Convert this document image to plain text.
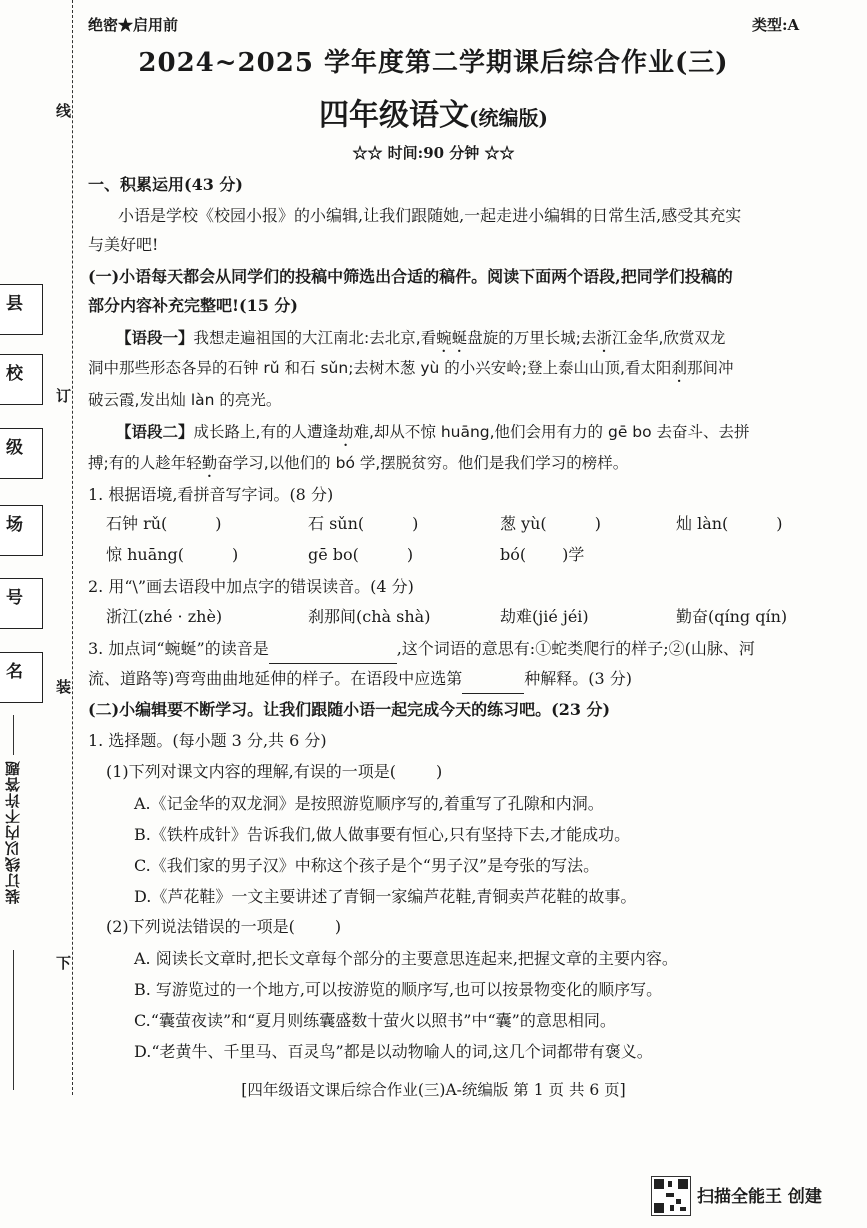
线
订
装
下
县
校
级
场
号
名
装订线以内不许答题
绝密★启用前	类型:A
2024~2025 学年度第二学期课后综合作业(三)
四年级语文(统编版)
☆☆ 时间:90 分钟 ☆☆
一、积累运用(43 分)
小语是学校《校园小报》的小编辑,让我们跟随她,一起走进小编辑的日常生活,感受其充实
与美好吧!
(一)小语每天都会从同学们的投稿中筛选出合适的稿件。阅读下面两个语段,把同学们投稿的
部分内容补充完整吧!(15 分)
【语段一】我想走遍祖国的大江南北:去北京,看蜿蜒盘旋的万里长城;去浙江金华,欣赏双龙
洞中那些形态各异的石钟 rǔ 和石 sǔn;去树木葱 yù 的小兴安岭;登上泰山山顶,看太阳刹那间冲
破云霞,发出灿 làn 的亮光。
【语段二】成长路上,有的人遭逢劫难,却从不惊 huāng,他们会用有力的 gē bo 去奋斗、去拼
搏;有的人趁年轻勤奋学习,以他们的 bó 学,摆脱贫穷。他们是我们学习的榜样。
1. 根据语境,看拼音写字词。(8 分)
石钟 rǔ(	)	石 sǔn(	)	葱 yù(	)	灿 làn(	)
惊 huāng(	)	gē bo(	)	bó( )学
2. 用“\”画去语段中加点字的错误读音。(4 分)
浙江(zhé · zhè)	刹那间(chà shà)	劫难(jié jéi)	勤奋(qíng qín)
3. 加点词“蜿蜒”的读音是	,这个词语的意思有:①蛇类爬行的样子;②(山脉、河
流、道路等)弯弯曲曲地延伸的样子。在语段中应选第	种解释。(3 分)
(二)小编辑要不断学习。让我们跟随小语一起完成今天的练习吧。(23 分)
1. 选择题。(每小题 3 分,共 6 分)
(1)下列对课文内容的理解,有误的一项是(	)
A.《记金华的双龙洞》是按照游览顺序写的,着重写了孔隙和内洞。
B.《铁杵成针》告诉我们,做人做事要有恒心,只有坚持下去,才能成功。
C.《我们家的男子汉》中称这个孩子是个“男子汉”是夸张的写法。
D.《芦花鞋》一文主要讲述了青铜一家编芦花鞋,青铜卖芦花鞋的故事。
(2)下列说法错误的一项是(	)
A. 阅读长文章时,把长文章每个部分的主要意思连起来,把握文章的主要内容。
B. 写游览过的一个地方,可以按游览的顺序写,也可以按景物变化的顺序写。
C.“囊萤夜读”和“夏月则练囊盛数十萤火以照书”中“囊”的意思相同。
D.“老黄牛、千里马、百灵鸟”都是以动物喻人的词,这几个词都带有褒义。
[四年级语文课后综合作业(三)A-统编版 第 1 页 共 6 页]
扫描全能王 创建
